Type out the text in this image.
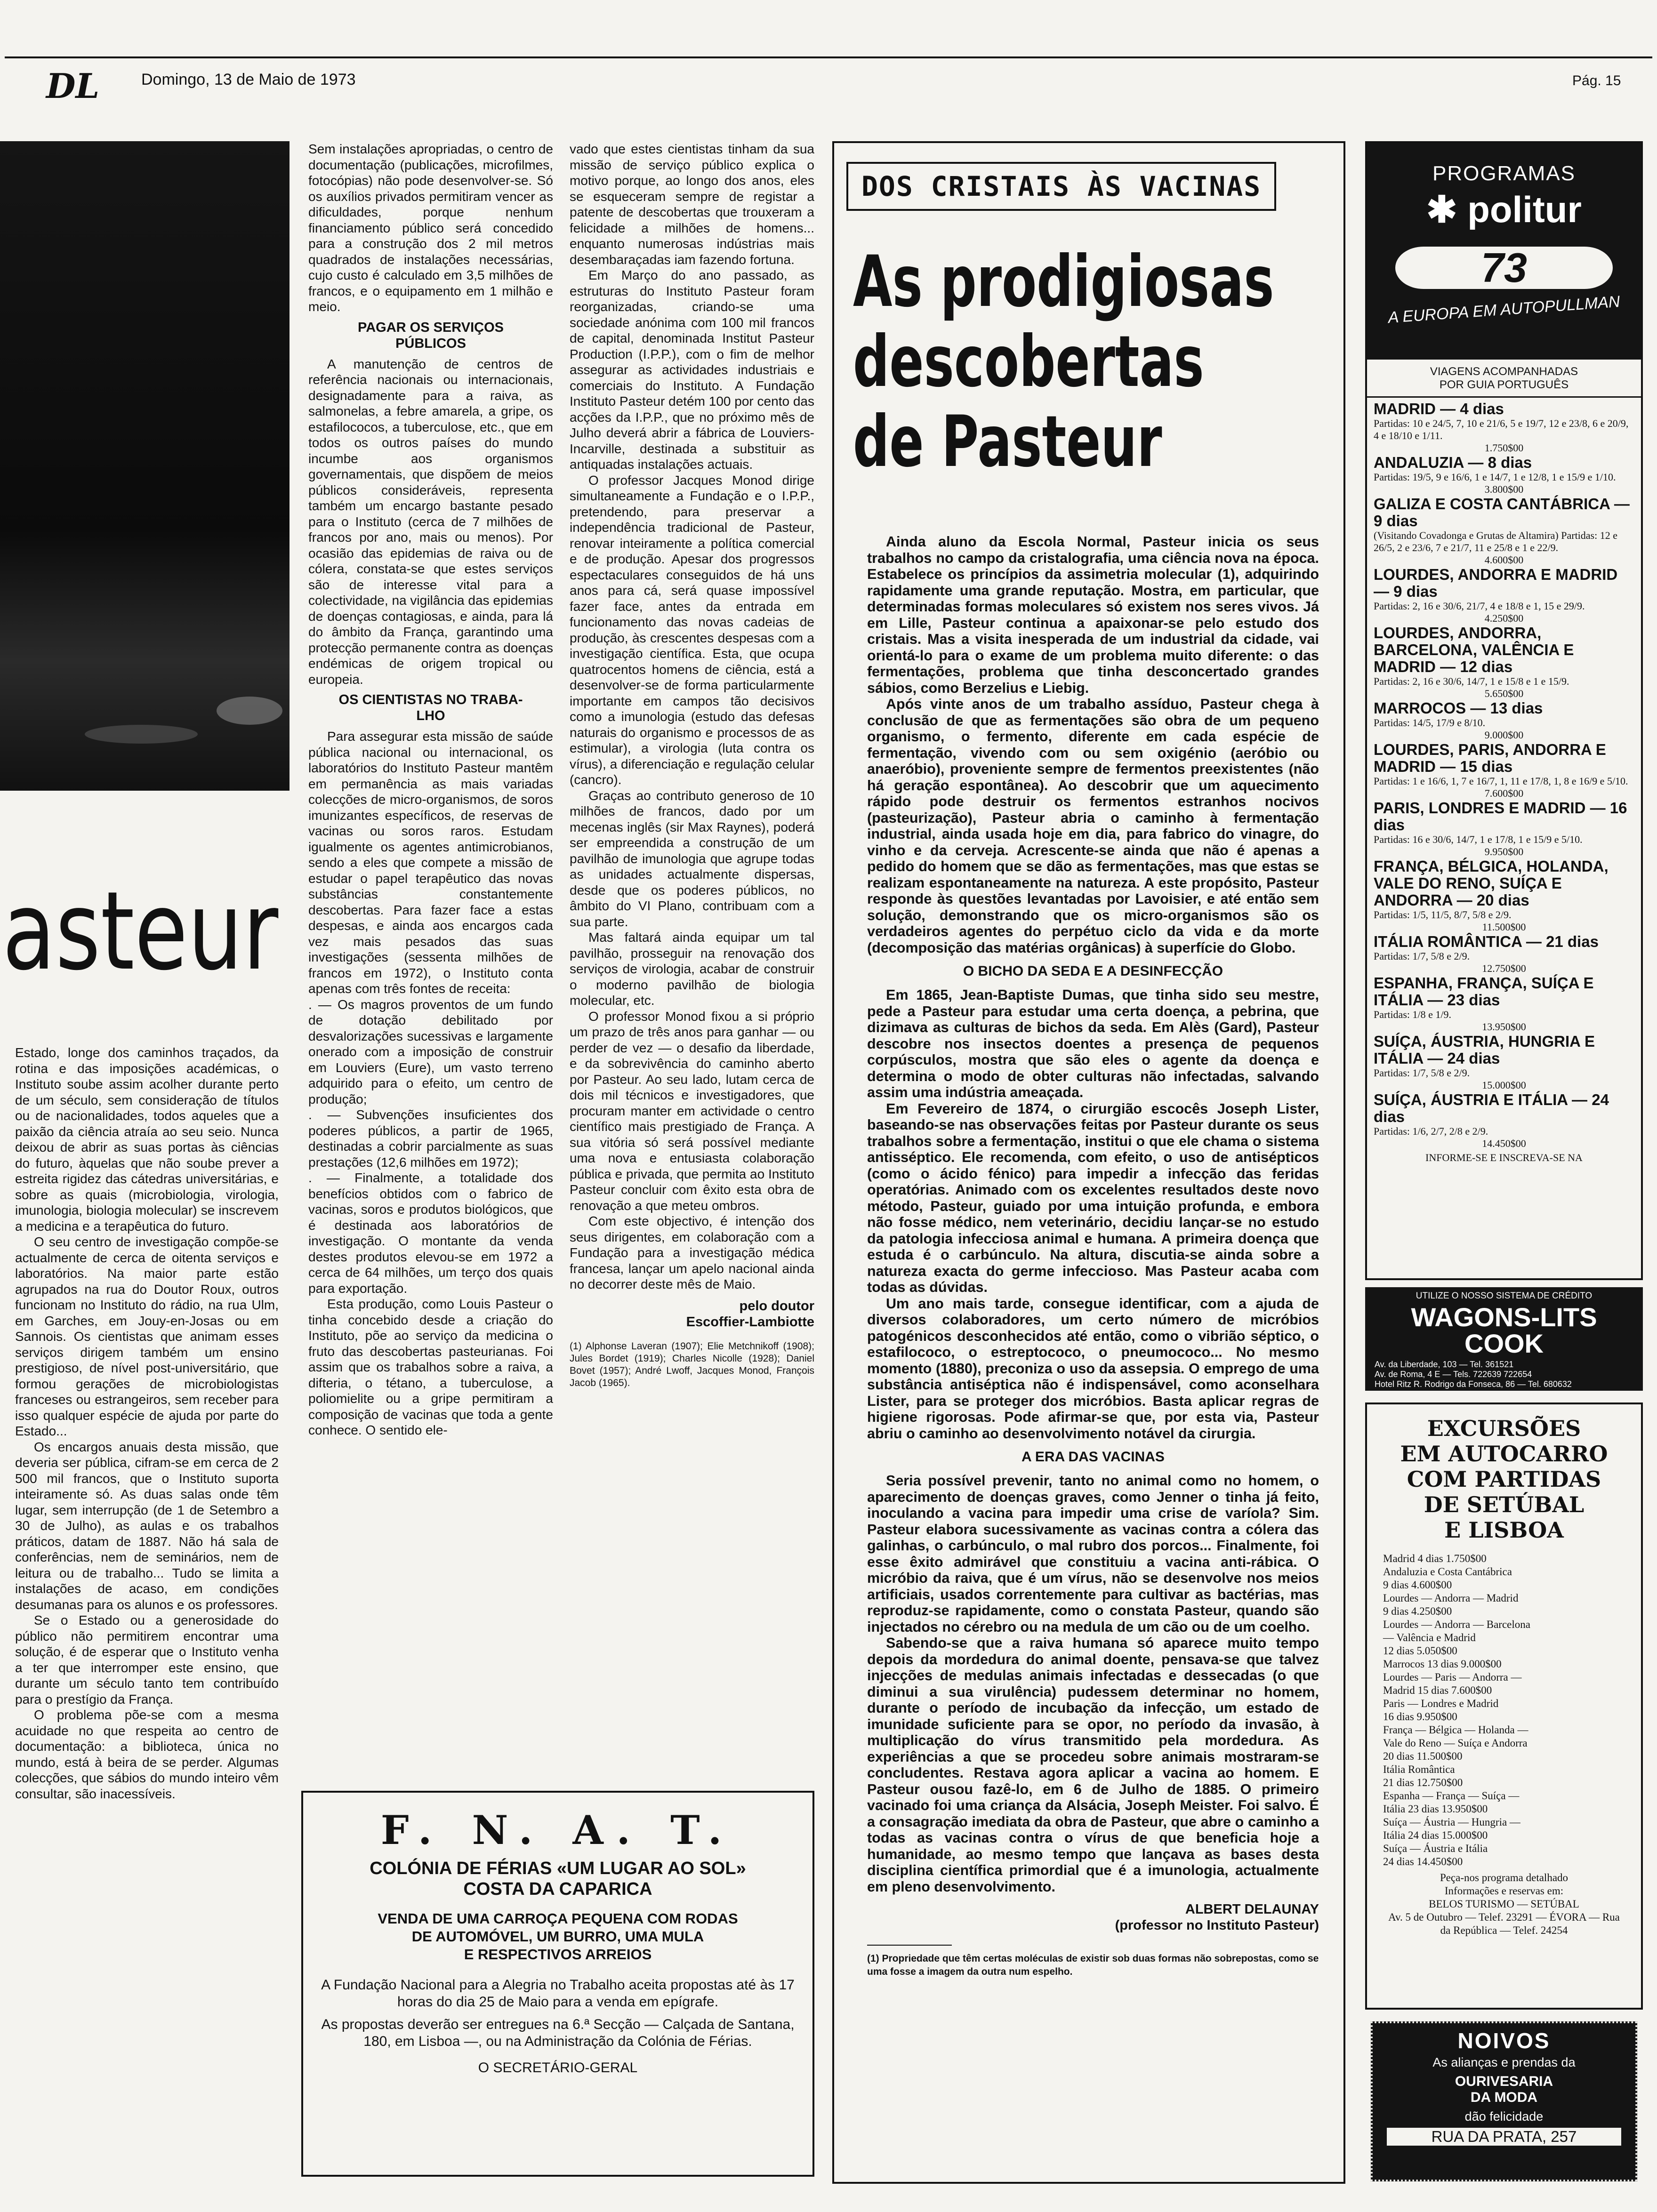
DL	Domingo, 13 de Maio de 1973	Pág. 15
asteur

Estado, longe dos caminhos traçados, da rotina e das imposições académicas, o Instituto soube assim acolher durante perto de um século, sem consideração de títulos ou de nacionalidades, todos aqueles que a paixão da ciência atraía ao seu seio. Nunca deixou de abrir as suas portas às ciências do futuro, àquelas que não soube prever a estreita rigidez das cátedras universitárias, e sobre as quais (microbiologia, virologia, imunologia, biologia molecular) se inscrevem a medicina e a terapêutica do futuro.

O seu centro de investigação compõe-se actualmente de cerca de oitenta serviços e laboratórios. Na maior parte estão agrupados na rua do Doutor Roux, outros funcionam no Instituto do rádio, na rua Ulm, em Garches, em Jouy-en-Josas ou em Sannois. Os cientistas que animam esses serviços dirigem também um ensino prestigioso, de nível post-universitário, que formou gerações de microbiologistas franceses ou estrangeiros, sem receber para isso qualquer espécie de ajuda por parte do Estado...

Os encargos anuais desta missão, que deveria ser pública, cifram-se em cerca de 2 500 mil francos, que o Instituto suporta inteiramente só. As duas salas onde têm lugar, sem interrupção (de 1 de Setembro a 30 de Julho), as aulas e os trabalhos práticos, datam de 1887. Não há sala de conferências, nem de seminários, nem de leitura ou de trabalho... Tudo se limita a instalações de acaso, em condições desumanas para os alunos e os professores.

Se o Estado ou a generosidade do público não permitirem encontrar uma solução, é de esperar que o Instituto venha a ter que interromper este ensino, que durante um século tanto tem contribuído para o prestígio da França.

O problema põe-se com a mesma acuidade no que respeita ao centro de documentação: a biblioteca, única no mundo, está à beira de se perder. Algumas colecções, que sábios do mundo inteiro vêm consultar, são inacessíveis.

Sem instalações apropriadas, o centro de documentação (publicações, microfilmes, fotocópias) não pode desenvolver-se. Só os auxílios privados permitiram vencer as dificuldades, porque nenhum financiamento público será concedido para a construção dos 2 mil metros quadrados de instalações necessárias, cujo custo é calculado em 3,5 milhões de francos, e o equipamento em 1 milhão e meio.

PAGAR OS SERVIÇOS
PÚBLICOS

A manutenção de centros de referência nacionais ou internacionais, designadamente para a raiva, as salmonelas, a febre amarela, a gripe, os estafilococos, a tuberculose, etc., que em todos os outros países do mundo incumbe aos organismos governamentais, que dispõem de meios públicos consideráveis, representa também um encargo bastante pesado para o Instituto (cerca de 7 milhões de francos por ano, mais ou menos). Por ocasião das epidemias de raiva ou de cólera, constata-se que estes serviços são de interesse vital para a colectividade, na vigilância das epidemias de doenças contagiosas, e ainda, para lá do âmbito da França, garantindo uma protecção permanente contra as doenças endémicas de origem tropical ou europeia.

OS CIENTISTAS NO TRABA-
LHO

Para assegurar esta missão de saúde pública nacional ou internacional, os laboratórios do Instituto Pasteur mantêm em permanência as mais variadas colecções de micro-organismos, de soros imunizantes específicos, de reservas de vacinas ou soros raros. Estudam igualmente os agentes antimicrobianos, sendo a eles que compete a missão de estudar o papel terapêutico das novas substâncias constantemente descobertas. Para fazer face a estas despesas, e ainda aos encargos cada vez mais pesados das suas investigações (sessenta milhões de francos em 1972), o Instituto conta apenas com três fontes de receita:

. — Os magros proventos de um fundo de dotação debilitado por desvalorizações sucessivas e largamente onerado com a imposição de construir em Louviers (Eure), um vasto terreno adquirido para o efeito, um centro de produção;

. — Subvenções insuficientes dos poderes públicos, a partir de 1965, destinadas a cobrir parcialmente as suas prestações (12,6 milhões em 1972);

. — Finalmente, a totalidade dos benefícios obtidos com o fabrico de vacinas, soros e produtos biológicos, que é destinada aos laboratórios de investigação. O montante da venda destes produtos elevou-se em 1972 a cerca de 64 milhões, um terço dos quais para exportação.

Esta produção, como Louis Pasteur o tinha concebido desde a criação do Instituto, põe ao serviço da medicina o fruto das descobertas pasteurianas. Foi assim que os trabalhos sobre a raiva, a difteria, o tétano, a tuberculose, a poliomielite ou a gripe permitiram a composição de vacinas que toda a gente conhece. O sentido ele-

vado que estes cientistas tinham da sua missão de serviço público explica o motivo porque, ao longo dos anos, eles se esqueceram sempre de registar a patente de descobertas que trouxeram a felicidade a milhões de homens... enquanto numerosas indústrias mais desembaraçadas iam fazendo fortuna.

Em Março do ano passado, as estruturas do Instituto Pasteur foram reorganizadas, criando-se uma sociedade anónima com 100 mil francos de capital, denominada Institut Pasteur Production (I.P.P.), com o fim de melhor assegurar as actividades industriais e comerciais do Instituto. A Fundação Instituto Pasteur detém 100 por cento das acções da I.P.P., que no próximo mês de Julho deverá abrir a fábrica de Louviers-Incarville, destinada a substituir as antiquadas instalações actuais.

O professor Jacques Monod dirige simultaneamente a Fundação e o I.P.P., pretendendo, para preservar a independência tradicional de Pasteur, renovar inteiramente a política comercial e de produção. Apesar dos progressos espectaculares conseguidos de há uns anos para cá, será quase impossível fazer face, antes da entrada em funcionamento das novas cadeias de produção, às crescentes despesas com a investigação científica. Esta, que ocupa quatrocentos homens de ciência, está a desenvolver-se de forma particularmente importante em campos tão decisivos como a imunologia (estudo das defesas naturais do organismo e processos de as estimular), a virologia (luta contra os vírus), a diferenciação e regulação celular (cancro).

Graças ao contributo generoso de 10 milhões de francos, dado por um mecenas inglês (sir Max Raynes), poderá ser empreendida a construção de um pavilhão de imunologia que agrupe todas as unidades actualmente dispersas, desde que os poderes públicos, no âmbito do VI Plano, contribuam com a sua parte.

Mas faltará ainda equipar um tal pavilhão, prosseguir na renovação dos serviços de virologia, acabar de construir o moderno pavilhão de biologia molecular, etc.

O professor Monod fixou a si próprio um prazo de três anos para ganhar — ou perder de vez — o desafio da liberdade, e da sobrevivência do caminho aberto por Pasteur. Ao seu lado, lutam cerca de dois mil técnicos e investigadores, que procuram manter em actividade o centro científico mais prestigiado de França. A sua vitória só será possível mediante uma nova e entusiasta colaboração pública e privada, que permita ao Instituto Pasteur concluir com êxito esta obra de renovação a que meteu ombros.

Com este objectivo, é intenção dos seus dirigentes, em colaboração com a Fundação para a investigação médica francesa, lançar um apelo nacional ainda no decorrer deste mês de Maio.

pelo doutor
Escoffier-Lambiotte
(1) Alphonse Laveran (1907); Elie Metchnikoff (1908); Jules Bordet (1919); Charles Nicolle (1928); Daniel Bovet (1957); André Lwoff, Jacques Monod, François Jacob (1965).
F. N. A. T.
COLÓNIA DE FÉRIAS «UM LUGAR AO SOL»
COSTA DA CAPARICA
VENDA DE UMA CARROÇA PEQUENA COM RODAS
DE AUTOMÓVEL, UM BURRO, UMA MULA
E RESPECTIVOS ARREIOS
A Fundação Nacional para a Alegria no Trabalho aceita propostas até às 17 horas do dia 25 de Maio para a venda em epígrafe.
As propostas deverão ser entregues na 6.ª Secção — Calçada de Santana, 180, em Lisboa —, ou na Administração da Colónia de Férias.
O SECRETÁRIO-GERAL
DOS CRISTAIS ÀS VACINAS
As prodigiosas
descobertas
de Pasteur

Ainda aluno da Escola Normal, Pasteur inicia os seus trabalhos no campo da cristalografia, uma ciência nova na época. Estabelece os princípios da assimetria molecular (1), adquirindo rapidamente uma grande reputação. Mostra, em particular, que determinadas formas moleculares só existem nos seres vivos. Já em Lille, Pasteur continua a apaixonar-se pelo estudo dos cristais. Mas a visita inesperada de um industrial da cidade, vai orientá-lo para o exame de um problema muito diferente: o das fermentações, problema que tinha desconcertado grandes sábios, como Berzelius e Liebig.

Após vinte anos de um trabalho assíduo, Pasteur chega à conclusão de que as fermentações são obra de um pequeno organismo, o fermento, diferente em cada espécie de fermentação, vivendo com ou sem oxigénio (aeróbio ou anaeróbio), proveniente sempre de fermentos preexistentes (não há geração espontânea). Ao descobrir que um aquecimento rápido pode destruir os fermentos estranhos nocivos (pasteurização), Pasteur abria o caminho à fermentação industrial, ainda usada hoje em dia, para fabrico do vinagre, do vinho e da cerveja. Acrescente-se ainda que não é apenas a pedido do homem que se dão as fermentações, mas que estas se realizam espontaneamente na natureza. A este propósito, Pasteur responde às questões levantadas por Lavoisier, e até então sem solução, demonstrando que os micro-organismos são os verdadeiros agentes do perpétuo ciclo da vida e da morte (decomposição das matérias orgânicas) à superfície do Globo.

O BICHO DA SEDA E A DESINFECÇÃO

Em 1865, Jean-Baptiste Dumas, que tinha sido seu mestre, pede a Pasteur para estudar uma certa doença, a pebrina, que dizimava as culturas de bichos da seda. Em Alès (Gard), Pasteur descobre nos insectos doentes a presença de pequenos corpúsculos, mostra que são eles o agente da doença e determina o modo de obter culturas não infectadas, salvando assim uma indústria ameaçada.

Em Fevereiro de 1874, o cirurgião escocês Joseph Lister, baseando-se nas observações feitas por Pasteur durante os seus trabalhos sobre a fermentação, institui o que ele chama o sistema antisséptico. Ele recomenda, com efeito, o uso de antisépticos (como o ácido fénico) para impedir a infecção das feridas operatórias. Animado com os excelentes resultados deste novo método, Pasteur, guiado por uma intuição profunda, e embora não fosse médico, nem veterinário, decidiu lançar-se no estudo da patologia infecciosa animal e humana. A primeira doença que estuda é o carbúnculo. Na altura, discutia-se ainda sobre a natureza exacta do germe infeccioso. Mas Pasteur acaba com todas as dúvidas.

Um ano mais tarde, consegue identificar, com a ajuda de diversos colaboradores, um certo número de micróbios patogénicos desconhecidos até então, como o vibrião séptico, o estafilococo, o estreptococo, o pneumococo... No mesmo momento (1880), preconiza o uso da assepsia. O emprego de uma substância antiséptica não é indispensável, como aconselhara Lister, para se proteger dos micróbios. Basta aplicar regras de higiene rigorosas. Pode afirmar-se que, por esta via, Pasteur abriu o caminho ao desenvolvimento notável da cirurgia.

A ERA DAS VACINAS

Seria possível prevenir, tanto no animal como no homem, o aparecimento de doenças graves, como Jenner o tinha já feito, inoculando a vacina para impedir uma crise de varíola? Sim. Pasteur elabora sucessivamente as vacinas contra a cólera das galinhas, o carbúnculo, o mal rubro dos porcos... Finalmente, foi esse êxito admirável que constituiu a vacina anti-rábica. O micróbio da raiva, que é um vírus, não se desenvolve nos meios artificiais, usados correntemente para cultivar as bactérias, mas reproduz-se rapidamente, como o constata Pasteur, quando são injectados no cérebro ou na medula de um cão ou de um coelho.

Sabendo-se que a raiva humana só aparece muito tempo depois da mordedura do animal doente, pensava-se que talvez injecções de medulas animais infectadas e dessecadas (o que diminui a sua virulência) pudessem determinar no homem, durante o período de incubação da infecção, um estado de imunidade suficiente para se opor, no período da invasão, à multiplicação do vírus transmitido pela mordedura. As experiências a que se procedeu sobre animais mostraram-se concludentes. Restava agora aplicar a vacina ao homem. E Pasteur ousou fazê-lo, em 6 de Julho de 1885. O primeiro vacinado foi uma criança da Alsácia, Joseph Meister. Foi salvo. É a consagração imediata da obra de Pasteur, que abre o caminho a todas as vacinas contra o vírus de que beneficia hoje a humanidade, ao mesmo tempo que lançava as bases desta disciplina científica primordial que é a imunologia, actualmente em pleno desenvolvimento.

ALBERT DELAUNAY
(professor no Instituto Pasteur)
(1) Propriedade que têm certas moléculas de existir sob duas formas não sobrepostas, como se uma fosse a imagem da outra num espelho.
PROGRAMAS
✱ politur
73
A EUROPA EM AUTOPULLMAN
VIAGENS ACOMPANHADAS
POR GUIA PORTUGUÊS
MADRID — 4 dias
Partidas: 10 e 24/5, 7, 10 e 21/6, 5 e 19/7, 12 e 23/8, 6 e 20/9, 4 e 18/10 e 1/11.
1.750$00
ANDALUZIA — 8 dias
Partidas: 19/5, 9 e 16/6, 1 e 14/7, 1 e 12/8, 1 e 15/9 e 1/10.
3.800$00
GALIZA E COSTA CANTÁBRICA — 9 dias
(Visitando Covadonga e Grutas de Altamira) Partidas: 12 e 26/5, 2 e 23/6, 7 e 21/7, 11 e 25/8 e 1 e 22/9.
4.600$00
LOURDES, ANDORRA E MADRID — 9 dias
Partidas: 2, 16 e 30/6, 21/7, 4 e 18/8 e 1, 15 e 29/9.
4.250$00
LOURDES, ANDORRA, BARCELONA, VALÊNCIA E MADRID — 12 dias
Partidas: 2, 16 e 30/6, 14/7, 1 e 15/8 e 1 e 15/9.
5.650$00
MARROCOS — 13 dias
Partidas: 14/5, 17/9 e 8/10.
9.000$00
LOURDES, PARIS, ANDORRA E MADRID — 15 dias
Partidas: 1 e 16/6, 1, 7 e 16/7, 1, 11 e 17/8, 1, 8 e 16/9 e 5/10.
7.600$00
PARIS, LONDRES E MADRID — 16 dias
Partidas: 16 e 30/6, 14/7, 1 e 17/8, 1 e 15/9 e 5/10.
9.950$00
FRANÇA, BÉLGICA, HOLANDA, VALE DO RENO, SUÍÇA E ANDORRA — 20 dias
Partidas: 1/5, 11/5, 8/7, 5/8 e 2/9.
11.500$00
ITÁLIA ROMÂNTICA — 21 dias
Partidas: 1/7, 5/8 e 2/9.
12.750$00
ESPANHA, FRANÇA, SUÍÇA E ITÁLIA — 23 dias
Partidas: 1/8 e 1/9.
13.950$00
SUÍÇA, ÁUSTRIA, HUNGRIA E ITÁLIA — 24 dias
Partidas: 1/7, 5/8 e 2/9.
15.000$00
SUÍÇA, ÁUSTRIA E ITÁLIA — 24 dias
Partidas: 1/6, 2/7, 2/8 e 2/9.
14.450$00
INFORME-SE E INSCREVA-SE NA
UTILIZE O NOSSO SISTEMA DE CRÉDITO
WAGONS-LITS
COOK
Av. da Liberdade, 103 — Tel. 361521
Av. de Roma, 4 E — Tels. 722639 722654
Hotel Ritz R. Rodrigo da Fonseca, 86 — Tel. 680632
EXCURSÕES
EM AUTOCARRO
COM PARTIDAS
DE SETÚBAL
E LISBOA
Madrid 4 dias 1.750$00
Andaluzia e Costa Cantábrica
9 dias 4.600$00
Lourdes — Andorra — Madrid
9 dias 4.250$00
Lourdes — Andorra — Barcelona
— Valência e Madrid
12 dias 5.050$00
Marrocos 13 dias 9.000$00
Lourdes — Paris — Andorra —
Madrid 15 dias 7.600$00
Paris — Londres e Madrid
16 dias 9.950$00
França — Bélgica — Holanda —
Vale do Reno — Suíça e Andorra
20 dias 11.500$00
Itália Romântica
21 dias 12.750$00
Espanha — França — Suíça —
Itália 23 dias 13.950$00
Suíça — Áustria — Hungria —
Itália 24 dias 15.000$00
Suíça — Áustria e Itália
24 dias 14.450$00
Peça-nos programa detalhado
Informações e reservas em:
BELOS TURISMO — SETÚBAL
Av. 5 de Outubro — Telef. 23291 — ÉVORA — Rua da República — Telef. 24254
NOIVOS
As alianças e prendas da
OURIVESARIA
DA MODA
dão felicidade
RUA DA PRATA, 257
